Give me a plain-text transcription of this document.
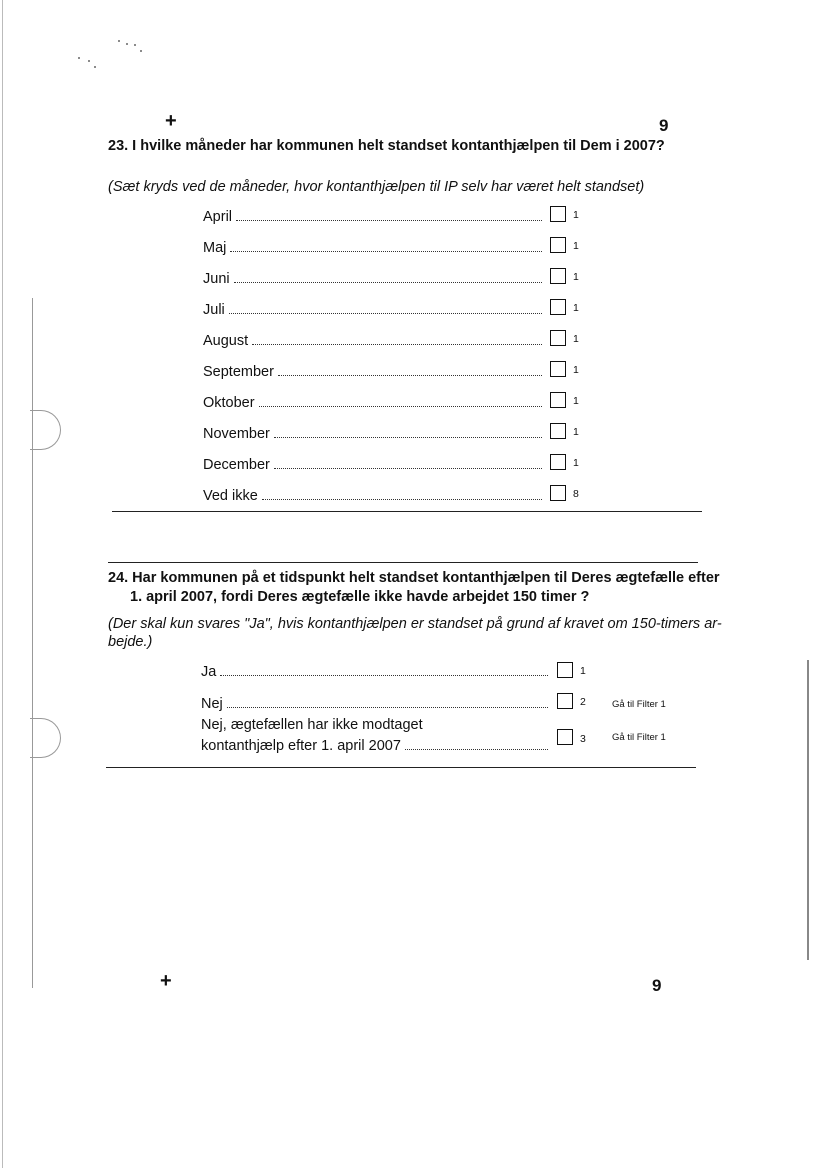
+	9
23. I hvilke måneder har kommunen helt standset kontanthjælpen til Dem i 2007?
(Sæt kryds ved de måneder, hvor kontanthjælpen til IP selv har været helt standset)
April	1
Maj	1
Juni	1
Juli	1
August	1
September	1
Oktober	1
November	1
December	1
Ved ikke	8
24. Har kommunen på et tidspunkt helt standset kontanthjælpen til Deres ægtefælle efter
1. april 2007, fordi Deres ægtefælle ikke havde arbejdet 150 timer ?
(Der skal kun svares "Ja", hvis kontanthjælpen er standset på grund af kravet om 150-timers ar-
bejde.)
Ja	1
Nej	2	Gå til Filter 1
Nej, ægtefællen har ikke modtaget
kontanthjælp efter 1. april 2007	3	Gå til Filter 1
+	9
